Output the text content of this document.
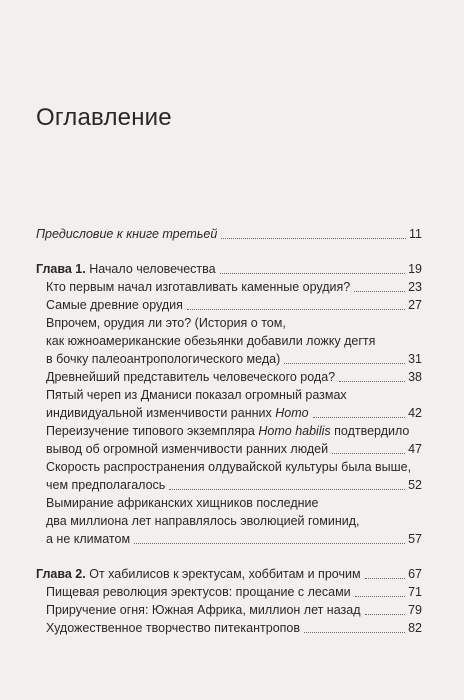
Оглавление
Предисловие к книге третьей	11
Глава 1. Начало человечества	19
Кто первым начал изготавливать каменные орудия?	23
Самые древние орудия	27
Впрочем, орудия ли это? (История о том,
как южноамериканские обезьянки добавили ложку дегтя
в бочку палеоантропологического меда)	31
Древнейший представитель человеческого рода?	38
Пятый череп из Дманиси показал огромный размах
индивидуальной изменчивости ранних Homo	42
Переизучение типового экземпляра Homo habilis подтвердило
вывод об огромной изменчивости ранних людей	47
Скорость распространения олдувайской культуры была выше,
чем предполагалось	52
Вымирание африканских хищников последние
два миллиона лет направлялось эволюцией гоминид,
а не климатом	57
Глава 2. От хабилисов к эректусам, хоббитам и прочим	67
Пищевая революция эректусов: прощание с лесами	71
Приручение огня: Южная Африка, миллион лет назад	79
Художественное творчество питекантропов	82
